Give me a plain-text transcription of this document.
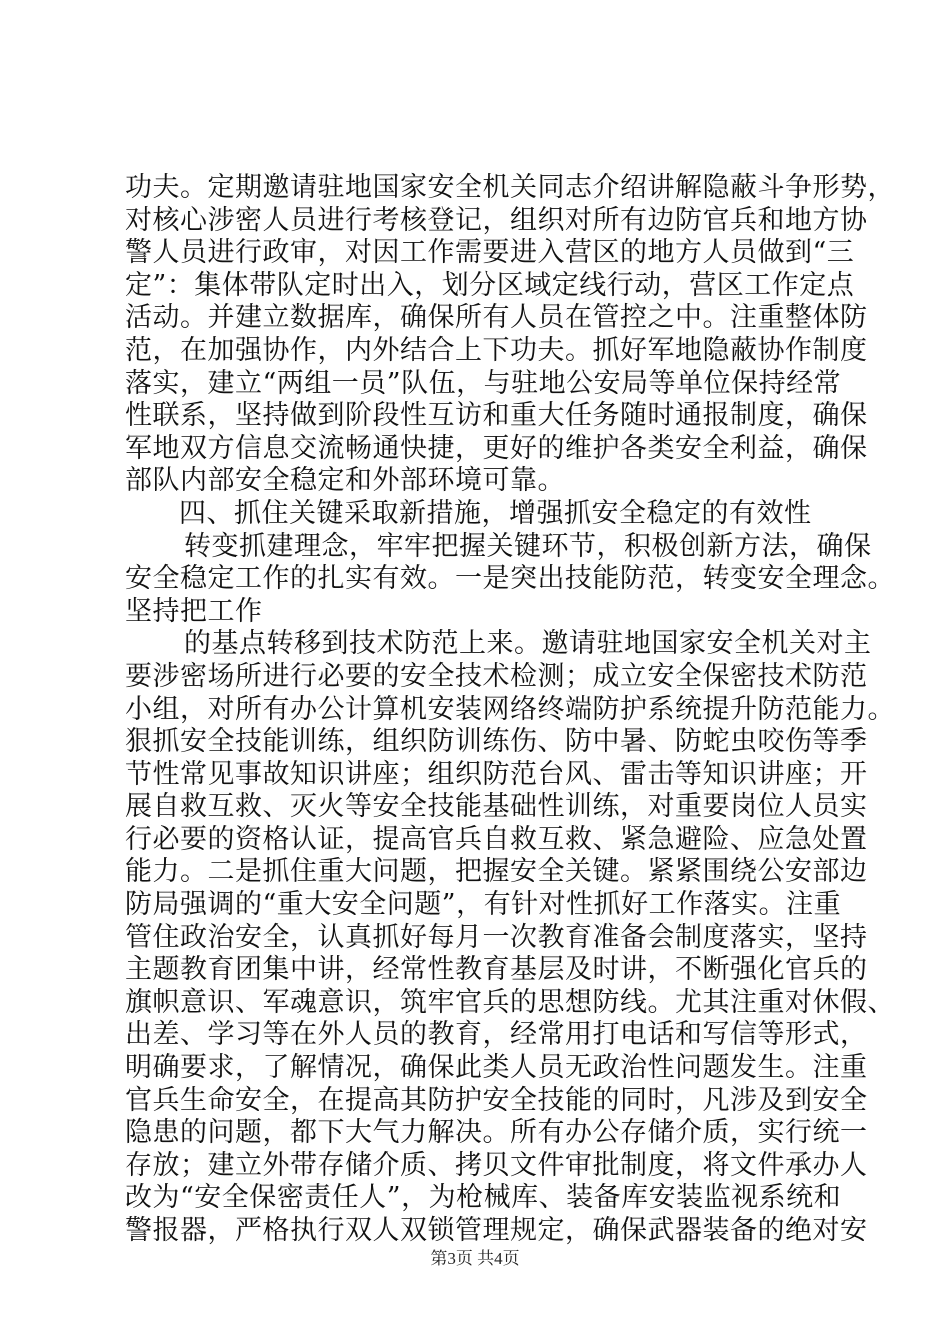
功夫。定期邀请驻地国家安全机关同志介绍讲解隐蔽斗争形势，
对核心涉密人员进行考核登记，组织对所有边防官兵和地方协
警人员进行政审，对因工作需要进入营区的地方人员做到“三
定”：集体带队定时出入，划分区域定线行动，营区工作定点
活动。并建立数据库，确保所有人员在管控之中。注重整体防
范，在加强协作，内外结合上下功夫。抓好军地隐蔽协作制度
落实，建立“两组一员”队伍，与驻地公安局等单位保持经常
性联系，坚持做到阶段性互访和重大任务随时通报制度，确保
军地双方信息交流畅通快捷，更好的维护各类安全利益，确保
部队内部安全稳定和外部环境可靠。
四、抓住关键采取新措施，增强抓安全稳定的有效性
转变抓建理念，牢牢把握关键环节，积极创新方法，确保
安全稳定工作的扎实有效。一是突出技能防范，转变安全理念。
坚持把工作
的基点转移到技术防范上来。邀请驻地国家安全机关对主
要涉密场所进行必要的安全技术检测；成立安全保密技术防范
小组，对所有办公计算机安装网络终端防护系统提升防范能力。
狠抓安全技能训练，组织防训练伤、防中暑、防蛇虫咬伤等季
节性常见事故知识讲座；组织防范台风、雷击等知识讲座；开
展自救互救、灭火等安全技能基础性训练，对重要岗位人员实
行必要的资格认证，提高官兵自救互救、紧急避险、应急处置
能力。二是抓住重大问题，把握安全关键。紧紧围绕公安部边
防局强调的“重大安全问题”，有针对性抓好工作落实。注重
管住政治安全，认真抓好每月一次教育准备会制度落实，坚持
主题教育团集中讲，经常性教育基层及时讲，不断强化官兵的
旗帜意识、军魂意识，筑牢官兵的思想防线。尤其注重对休假、
出差、学习等在外人员的教育，经常用打电话和写信等形式，
明确要求，了解情况，确保此类人员无政治性问题发生。注重
官兵生命安全，在提高其防护安全技能的同时，凡涉及到安全
隐患的问题，都下大气力解决。所有办公存储介质，实行统一
存放；建立外带存储介质、拷贝文件审批制度，将文件承办人
改为“安全保密责任人”，为枪械库、装备库安装监视系统和
警报器，严格执行双人双锁管理规定，确保武器装备的绝对安
第3页 共4页
